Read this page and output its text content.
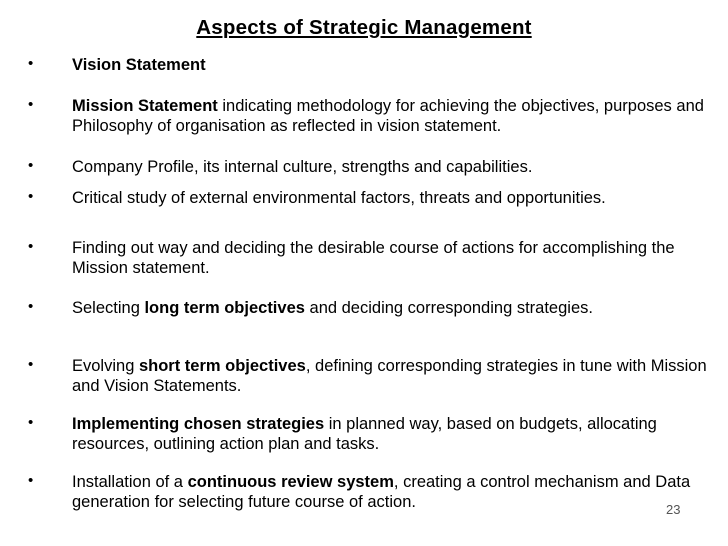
Aspects of Strategic Management
• Vision Statement
• Mission Statement indicating methodology for achieving the objectives, purposes and Philosophy of organisation as reflected in vision statement.
• Company Profile, its internal culture, strengths and capabilities.
• Critical study of external environmental factors, threats and opportunities.
• Finding out way and deciding the desirable course of actions for accomplishing the Mission statement.
• Selecting long term objectives and deciding corresponding strategies.
• Evolving short term objectives, defining corresponding strategies in tune with Mission and Vision Statements.
• Implementing chosen strategies in planned way, based on budgets, allocating resources, outlining action plan and tasks.
• Installation of a continuous review system, creating a control mechanism and Data generation for selecting future course of action.	23
